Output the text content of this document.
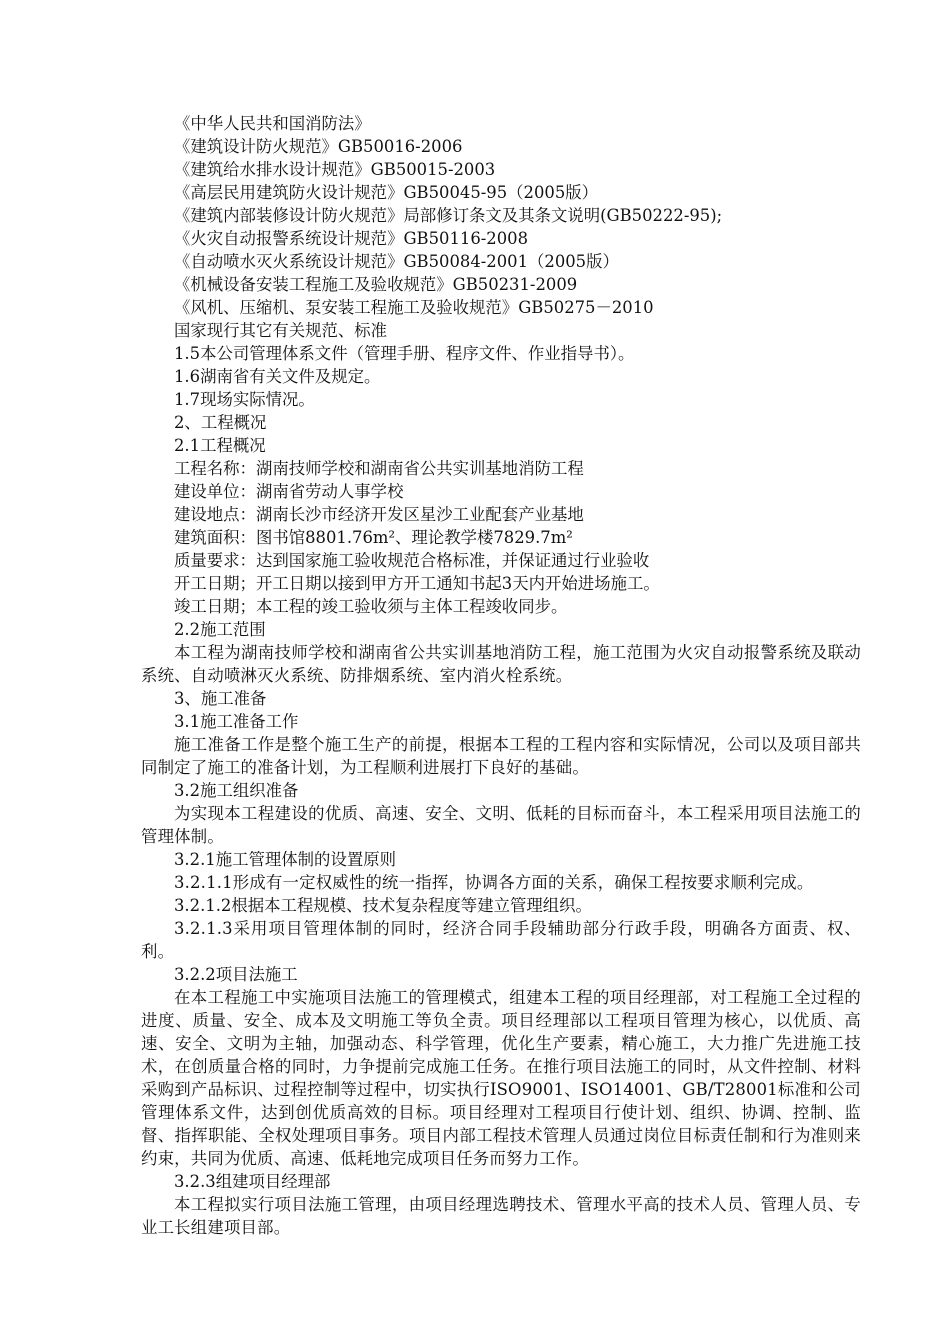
《中华人民共和国消防法》
《建筑设计防火规范》GB50016-2006
《建筑给水排水设计规范》GB50015-2003
《高层民用建筑防火设计规范》GB50045-95（2005版）
《建筑内部装修设计防火规范》局部修订条文及其条文说明(GB50222-95);
《火灾自动报警系统设计规范》GB50116-2008
《自动喷水灭火系统设计规范》GB50084-2001（2005版）
《机械设备安装工程施工及验收规范》GB50231-2009
《风机、压缩机、泵安装工程施工及验收规范》GB50275－2010
国家现行其它有关规范、标准
1.5本公司管理体系文件（管理手册、程序文件、作业指导书）。
1.6湖南省有关文件及规定。
1.7现场实际情况。
2、工程概况
2.1工程概况
工程名称：湖南技师学校和湖南省公共实训基地消防工程
建设单位：湖南省劳动人事学校
建设地点：湖南长沙市经济开发区星沙工业配套产业基地
建筑面积：图书馆8801.76m²、理论教学楼7829.7m²
质量要求：达到国家施工验收规范合格标准，并保证通过行业验收
开工日期；开工日期以接到甲方开工通知书起3天内开始进场施工。
竣工日期；本工程的竣工验收须与主体工程竣收同步。
2.2施工范围

本工程为湖南技师学校和湖南省公共实训基地消防工程，施工范围为火灾自动报警系统及联动系统、自动喷淋灭火系统、防排烟系统、室内消火栓系统。

3、施工准备
3.1施工准备工作

施工准备工作是整个施工生产的前提，根据本工程的工程内容和实际情况，公司以及项目部共同制定了施工的准备计划，为工程顺利进展打下良好的基础。

3.2施工组织准备

为实现本工程建设的优质、高速、安全、文明、低耗的目标而奋斗，本工程采用项目法施工的管理体制。

3.2.1施工管理体制的设置原则

3.2.1.1形成有一定权威性的统一指挥，协调各方面的关系，确保工程按要求顺利完成。

3.2.1.2根据本工程规模、技术复杂程度等建立管理组织。

3.2.1.3采用项目管理体制的同时，经济合同手段辅助部分行政手段，明确各方面责、权、利。

3.2.2项目法施工

在本工程施工中实施项目法施工的管理模式，组建本工程的项目经理部，对工程施工全过程的进度、质量、安全、成本及文明施工等负全责。项目经理部以工程项目管理为核心，以优质、高速、安全、文明为主轴，加强动态、科学管理，优化生产要素，精心施工，大力推广先进施工技术，在创质量合格的同时，力争提前完成施工任务。在推行项目法施工的同时，从文件控制、材料采购到产品标识、过程控制等过程中，切实执行ISO9001、ISO14001、GB/T28001标准和公司管理体系文件，达到创优质高效的目标。项目经理对工程项目行使计划、组织、协调、控制、监督、指挥职能、全权处理项目事务。项目内部工程技术管理人员通过岗位目标责任制和行为准则来约束，共同为优质、高速、低耗地完成项目任务而努力工作。

3.2.3组建项目经理部

本工程拟实行项目法施工管理，由项目经理选聘技术、管理水平高的技术人员、管理人员、专业工长组建项目部。
